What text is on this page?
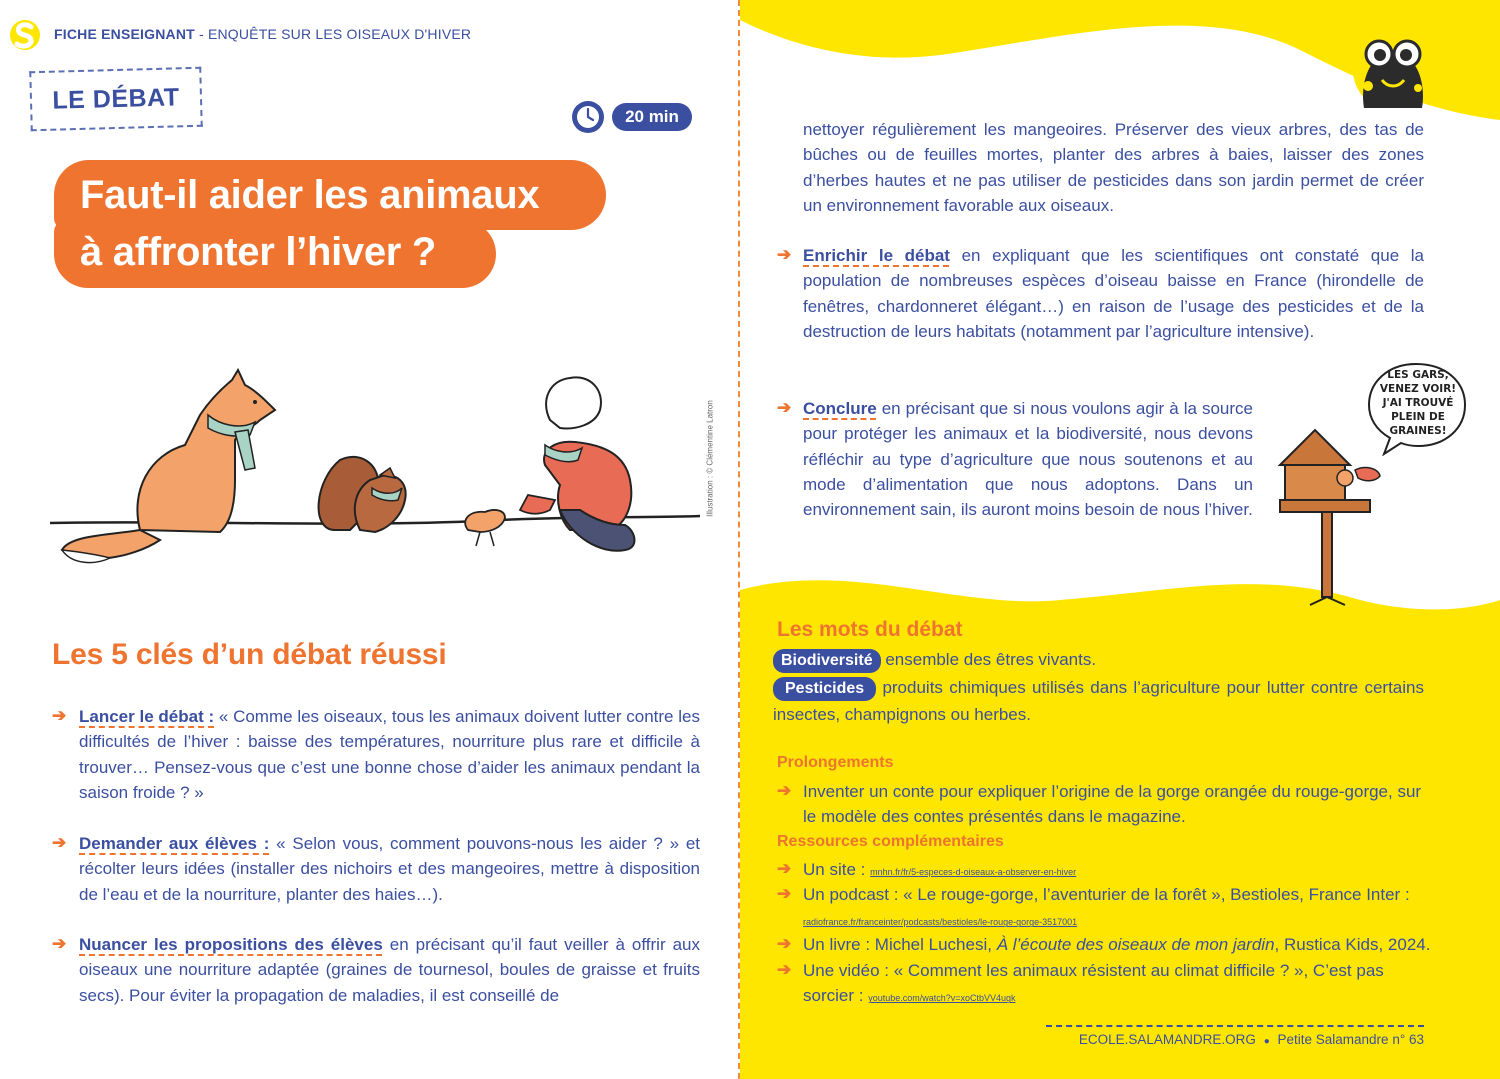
FICHE ENSEIGNANT - ENQUÊTE SUR LES OISEAUX D'HIVER
LE DÉBAT
20 min
Faut-il aider les animaux
à affronter l’hiver ?
Illustration : © Clémentine Latron
Les 5 clés d’un débat réussi
➔ Lancer le débat : « Comme les oiseaux, tous les animaux doivent lutter contre les difficultés de l’hiver : baisse des températures, nourriture plus rare et difficile à trouver… Pensez-vous que c’est une bonne chose d’aider les animaux pendant la saison froide ? »
➔ Demander aux élèves : « Selon vous, comment pouvons-nous les aider ? » et récolter leurs idées (installer des nichoirs et des mangeoires, mettre à disposition de l’eau et de la nourriture, planter des haies…).
➔ Nuancer les propositions des élèves en précisant qu’il faut veiller à offrir aux oiseaux une nourriture adaptée (graines de tournesol, boules de graisse et fruits secs). Pour éviter la propagation de maladies, il est conseillé de
nettoyer régulièrement les mangeoires. Préserver des vieux arbres, des tas de bûches ou de feuilles mortes, planter des arbres à baies, laisser des zones d’herbes hautes et ne pas utiliser de pesticides dans son jardin permet de créer un environnement favorable aux oiseaux.
➔ Enrichir le débat en expliquant que les scientifiques ont constaté que la population de nombreuses espèces d’oiseau baisse en France (hirondelle de fenêtres, chardonneret élégant…) en raison de l’usage des pesticides et de la destruction de leurs habitats (notamment par l’agriculture intensive).
➔ Conclure en précisant que si nous voulons agir à la source pour protéger les animaux et la biodiversité, nous devons réfléchir au type d’agriculture que nous soutenons et au mode d’alimentation que nous adoptons. Dans un environnement sain, ils auront moins besoin de nous l’hiver.
LES GARS,
VENEZ VOIR!
J'AI TROUVÉ
PLEIN DE
GRAINES!
Les mots du débat
Biodiversité ensemble des êtres vivants.
Pesticides produits chimiques utilisés dans l’agriculture pour lutter contre certains insectes, champignons ou herbes.
Prolongements
➔ Inventer un conte pour expliquer l’origine de la gorge orangée du rouge-gorge, sur le modèle des contes présentés dans le magazine.
Ressources complémentaires
➔ Un site : mnhn.fr/fr/5-especes-d-oiseaux-a-observer-en-hiver
➔ Un podcast : « Le rouge-gorge, l’aventurier de la forêt », Bestioles, France Inter :
radiofrance.fr/franceinter/podcasts/bestioles/le-rouge-gorge-3517001
➔ Un livre : Michel Luchesi, À l’écoute des oiseaux de mon jardin, Rustica Kids, 2024.
➔ Une vidéo : « Comment les animaux résistent au climat difficile ? », C’est pas sorcier : youtube.com/watch?v=xoCtbVV4ugk
ECOLE.SALAMANDRE.ORG ● Petite Salamandre n° 63
